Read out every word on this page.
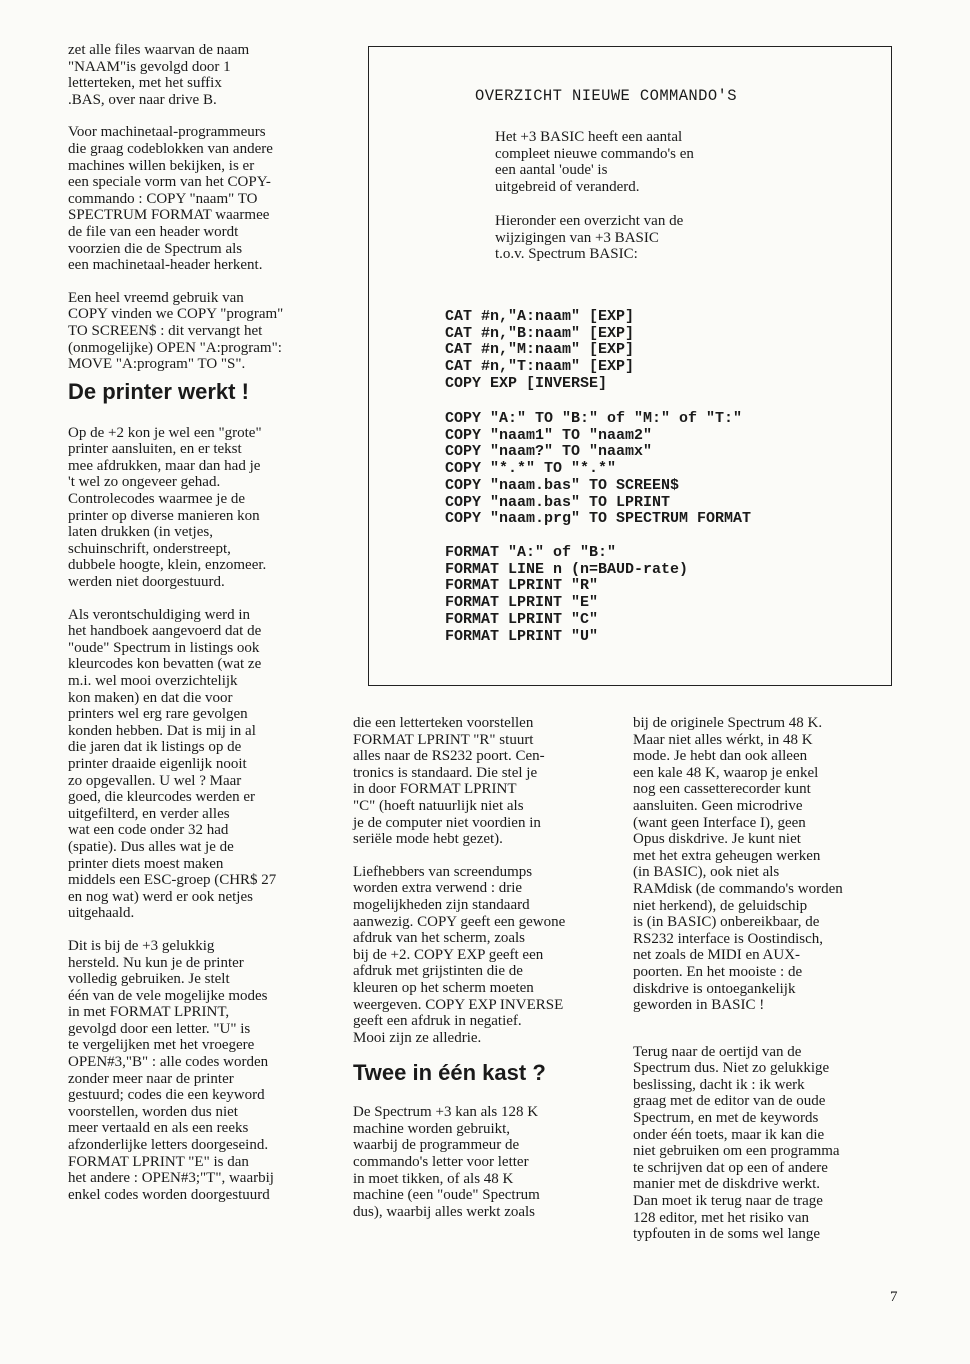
zet alle files waarvan de naam
"NAAM"is gevolgd door 1
letterteken, met het suffix
.BAS, over naar drive B.

Voor machinetaal-programmeurs
die graag codeblokken van andere
machines willen bekijken, is er
een speciale vorm van het COPY-
commando : COPY "naam" TO
SPECTRUM FORMAT waarmee
de file van een header wordt
voorzien die de Spectrum als
een machinetaal-header herkent.

Een heel vreemd gebruik van
COPY vinden we COPY "program"
TO SCREEN$ : dit vervangt het
(onmogelijke) OPEN "A:program":
MOVE "A:program" TO "S".

De printer werkt !

Op de +2 kon je wel een "grote"
printer aansluiten, en er tekst
mee afdrukken, maar dan had je
't wel zo ongeveer gehad.
Controlecodes waarmee je de
printer op diverse manieren kon
laten drukken (in vetjes,
schuinschrift, onderstreept,
dubbele hoogte, klein, enzomeer.
werden niet doorgestuurd.

Als verontschuldiging werd in
het handboek aangevoerd dat de
"oude" Spectrum in listings ook
kleurcodes kon bevatten (wat ze
m.i. wel mooi overzichtelijk
kon maken) en dat die voor
printers wel erg rare gevolgen
konden hebben. Dat is mij in al
die jaren dat ik listings op de
printer draaide eigenlijk nooit
zo opgevallen. U wel ? Maar
goed, die kleurcodes werden er
uitgefilterd, en verder alles
wat een code onder 32 had
(spatie). Dus alles wat je de
printer diets moest maken
middels een ESC-groep (CHR$ 27
en nog wat) werd er ook netjes
uitgehaald.

Dit is bij de +3 gelukkig
hersteld. Nu kun je de printer
volledig gebruiken. Je stelt
één van de vele mogelijke modes
in met FORMAT LPRINT,
gevolgd door een letter. "U" is
te vergelijken met het vroegere
OPEN#3,"B" : alle codes worden
zonder meer naar de printer
gestuurd; codes die een keyword
voorstellen, worden dus niet
meer vertaald en als een reeks
afzonderlijke letters doorgeseind.
FORMAT LPRINT "E" is dan
het andere : OPEN#3;"T", waarbij
enkel codes worden doorgestuurd

OVERZICHT NIEUWE COMMANDO'S

Het +3 BASIC heeft een aantal
compleet nieuwe commando's en
een aantal 'oude' is
uitgebreid of veranderd.

Hieronder een overzicht van de
wijzigingen van +3 BASIC
t.o.v. Spectrum BASIC:

CAT #n,"A:naam" [EXP]
CAT #n,"B:naam" [EXP]
CAT #n,"M:naam" [EXP]
CAT #n,"T:naam" [EXP]
COPY EXP [INVERSE]
COPY "A:" TO "B:" of "M:" of "T:"
COPY "naam1" TO "naam2"
COPY "naam?" TO "naamx"
COPY "*.*" TO "*.*"
COPY "naam.bas" TO SCREEN$
COPY "naam.bas" TO LPRINT
COPY "naam.prg" TO SPECTRUM FORMAT
FORMAT "A:" of "B:"
FORMAT LINE n (n=BAUD-rate)
FORMAT LPRINT "R"
FORMAT LPRINT "E"
FORMAT LPRINT "C"
FORMAT LPRINT "U"

die een letterteken voorstellen
FORMAT LPRINT "R" stuurt
alles naar de RS232 poort. Cen-
tronics is standaard. Die stel je
in door FORMAT LPRINT
"C" (hoeft natuurlijk niet als
je de computer niet voordien in
seriële mode hebt gezet).

Liefhebbers van screendumps
worden extra verwend : drie
mogelijkheden zijn standaard
aanwezig. COPY geeft een gewone
afdruk van het scherm, zoals
bij de +2. COPY EXP geeft een
afdruk met grijstinten die de
kleuren op het scherm moeten
weergeven. COPY EXP INVERSE
geeft een afdruk in negatief.
Mooi zijn ze alledrie.

Twee in één kast ?

De Spectrum +3 kan als 128 K
machine worden gebruikt,
waarbij de programmeur de
commando's letter voor letter
in moet tikken, of als 48 K
machine (een "oude" Spectrum
dus), waarbij alles werkt zoals

bij de originele Spectrum 48 K.
Maar niet alles wérkt, in 48 K
mode. Je hebt dan ook alleen
een kale 48 K, waarop je enkel
nog een cassetterecorder kunt
aansluiten. Geen microdrive
(want geen Interface I), geen
Opus diskdrive. Je kunt niet
met het extra geheugen werken
(in BASIC), ook niet als
RAMdisk (de commando's worden
niet herkend), de geluidschip
is (in BASIC) onbereikbaar, de
RS232 interface is Oostindisch,
net zoals de MIDI en AUX-
poorten. En het mooiste : de
diskdrive is ontoegankelijk
geworden in BASIC !

Terug naar de oertijd van de
Spectrum dus. Niet zo gelukkige
beslissing, dacht ik : ik werk
graag met de editor van de oude
Spectrum, en met de keywords
onder één toets, maar ik kan die
niet gebruiken om een programma
te schrijven dat op een of andere
manier met de diskdrive werkt.
Dan moet ik terug naar de trage
128 editor, met het risiko van
typfouten in de soms wel lange

7
